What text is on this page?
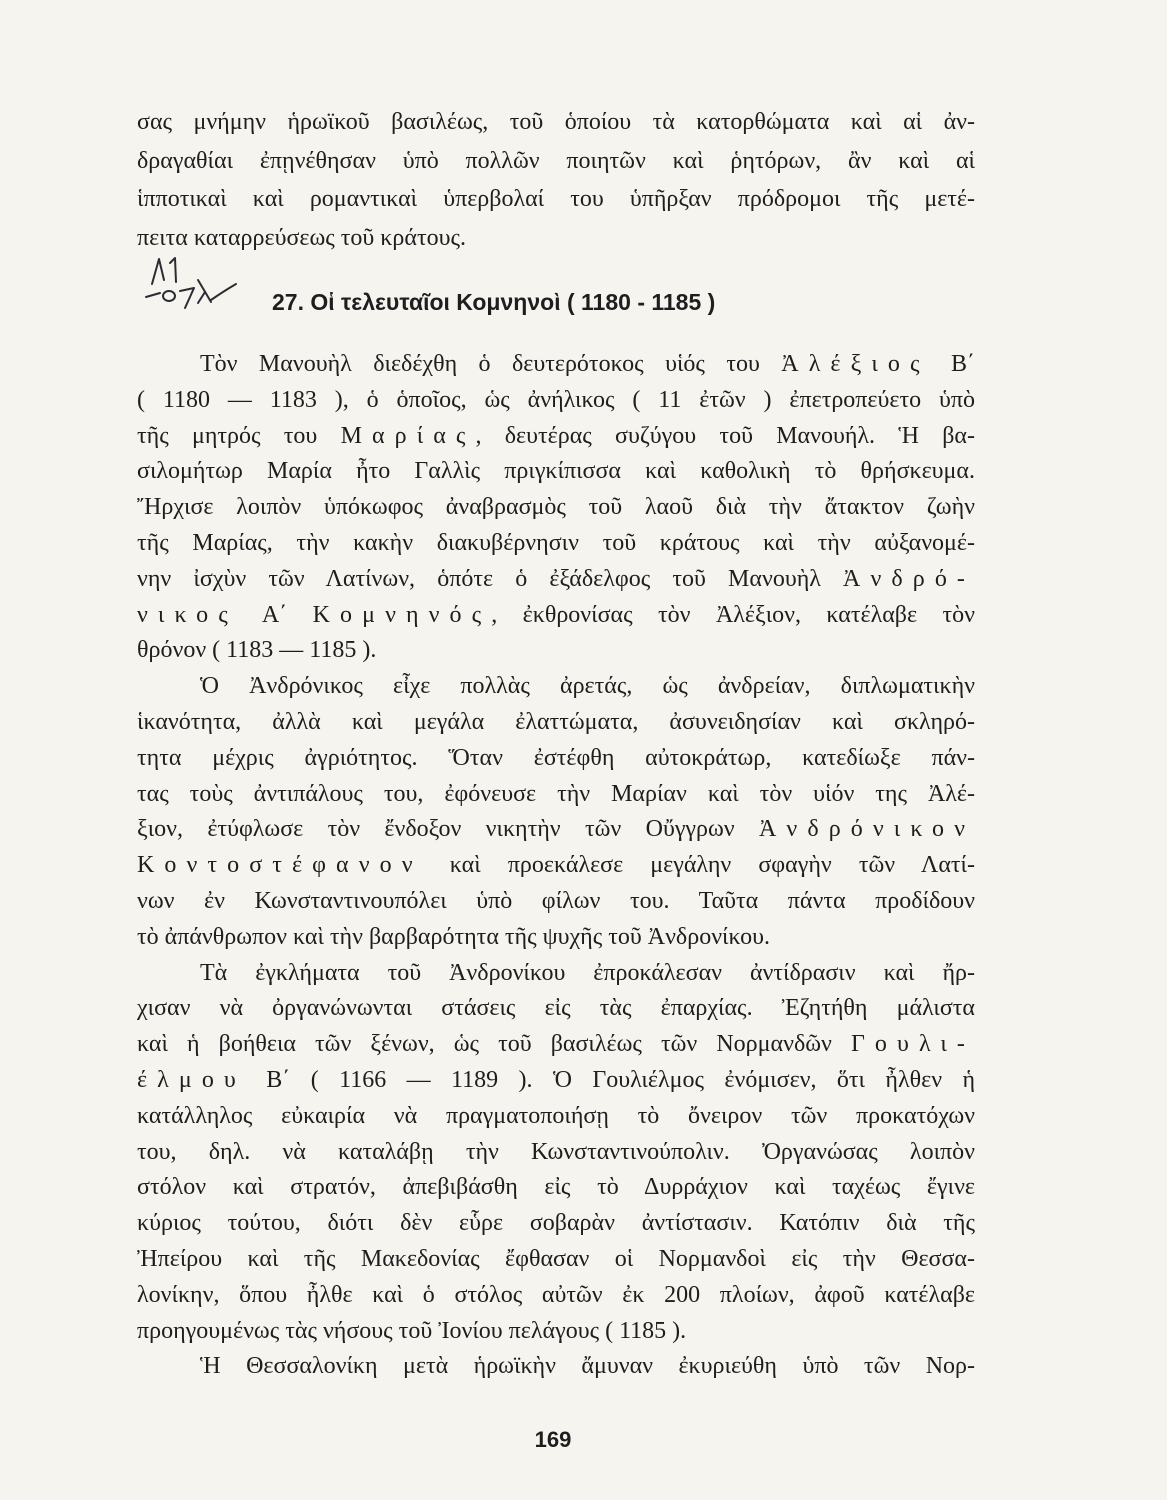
σας μνήμην ἡρωϊκοῦ βασιλέως, τοῦ ὁποίου τὰ κατορθώματα καὶ αἱ ἀν-
δραγαθίαι ἐπῃνέθησαν ὑπὸ πολλῶν ποιητῶν καὶ ῥητόρων, ἂν καὶ αἱ
ἱπποτικαὶ καὶ ρομαντικαὶ ὑπερβολαί του ὑπῆρξαν πρόδρομοι τῆς μετέ-
πειτα καταρρεύσεως τοῦ κράτους.
27. Οἱ τελευταῖοι Κομνηνοὶ ( 1180 - 1185 )
Τὸν Μανουὴλ διεδέχθη ὁ δευτερότοκος υἱός του Ἀλέξιος Β΄
( 1180 — 1183 ), ὁ ὁποῖος, ὡς ἀνήλικος ( 11 ἐτῶν ) ἐπετροπεύετο ὑπὸ
τῆς μητρός του Μαρίας, δευτέρας συζύγου τοῦ Μανουήλ. Ἡ βα-
σιλομήτωρ Μαρία ἦτο Γαλλὶς πριγκίπισσα καὶ καθολικὴ τὸ θρήσκευμα.
Ἤρχισε λοιπὸν ὑπόκωφος ἀναβρασμὸς τοῦ λαοῦ διὰ τὴν ἄτακτον ζωὴν
τῆς Μαρίας, τὴν κακὴν διακυβέρνησιν τοῦ κράτους καὶ τὴν αὐξανομέ-
νην ἰσχὺν τῶν Λατίνων, ὁπότε ὁ ἐξάδελφος τοῦ Μανουὴλ Ἀνδρό-
νικος Α΄ Κομνηνός, ἐκθρονίσας τὸν Ἀλέξιον, κατέλαβε τὸν
θρόνον ( 1183 — 1185 ).
Ὁ Ἀνδρόνικος εἶχε πολλὰς ἀρετάς, ὡς ἀνδρείαν, διπλωματικὴν
ἱκανότητα, ἀλλὰ καὶ μεγάλα ἐλαττώματα, ἀσυνειδησίαν καὶ σκληρό-
τητα μέχρις ἀγριότητος. Ὅταν ἐστέφθη αὐτοκράτωρ, κατεδίωξε πάν-
τας τοὺς ἀντιπάλους του, ἐφόνευσε τὴν Μαρίαν καὶ τὸν υἱόν της Ἀλέ-
ξιον, ἐτύφλωσε τὸν ἔνδοξον νικητὴν τῶν Οὔγγρων Ἀνδρόνικον
Κοντοστέφανον καὶ προεκάλεσε μεγάλην σφαγὴν τῶν Λατί-
νων ἐν Κωνσταντινουπόλει ὑπὸ φίλων του. Ταῦτα πάντα προδίδουν
τὸ ἀπάνθρωπον καὶ τὴν βαρβαρότητα τῆς ψυχῆς τοῦ Ἀνδρονίκου.
Τὰ ἐγκλήματα τοῦ Ἀνδρονίκου ἐπροκάλεσαν ἀντίδρασιν καὶ ἤρ-
χισαν νὰ ὀργανώνωνται στάσεις εἰς τὰς ἐπαρχίας. Ἐζητήθη μάλιστα
καὶ ἡ βοήθεια τῶν ξένων, ὡς τοῦ βασιλέως τῶν Νορμανδῶν Γουλι-
έλμου Β΄ ( 1166 — 1189 ). Ὁ Γουλιέλμος ἐνόμισεν, ὅτι ἦλθεν ἡ
κατάλληλος εὐκαιρία νὰ πραγματοποιήσῃ τὸ ὄνειρον τῶν προκατόχων
του, δηλ. νὰ καταλάβῃ τὴν Κωνσταντινούπολιν. Ὀργανώσας λοιπὸν
στόλον καὶ στρατόν, ἀπεβιβάσθη εἰς τὸ Δυρράχιον καὶ ταχέως ἔγινε
κύριος τούτου, διότι δὲν εὗρε σοβαρὰν ἀντίστασιν. Κατόπιν διὰ τῆς
Ἠπείρου καὶ τῆς Μακεδονίας ἔφθασαν οἱ Νορμανδοὶ εἰς τὴν Θεσσα-
λονίκην, ὅπου ἦλθε καὶ ὁ στόλος αὐτῶν ἐκ 200 πλοίων, ἀφοῦ κατέλαβε
προηγουμένως τὰς νήσους τοῦ Ἰονίου πελάγους ( 1185 ).
Ἡ Θεσσαλονίκη μετὰ ἡρωϊκὴν ἄμυναν ἐκυριεύθη ὑπὸ τῶν Νορ-
169
